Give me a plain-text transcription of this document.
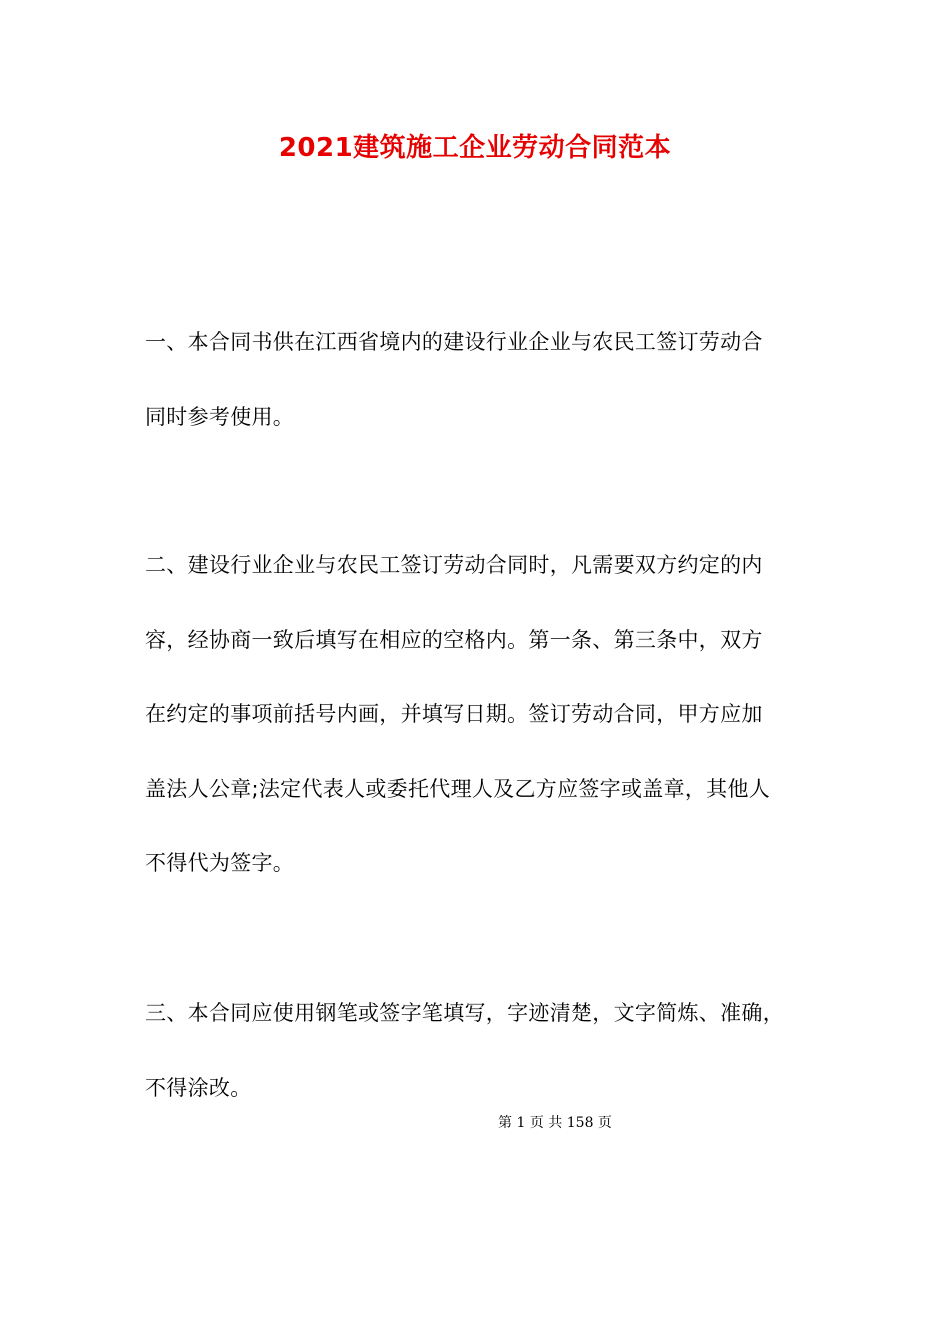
2021建筑施工企业劳动合同范本
一、本合同书供在江西省境内的建设行业企业与农民工签订劳动合
同时参考使用。
二、建设行业企业与农民工签订劳动合同时，凡需要双方约定的内
容，经协商一致后填写在相应的空格内。第一条、第三条中，双方
在约定的事项前括号内画，并填写日期。签订劳动合同，甲方应加
盖法人公章;法定代表人或委托代理人及乙方应签字或盖章，其他人
不得代为签字。
三、本合同应使用钢笔或签字笔填写，字迹清楚，文字简炼、准确，
不得涂改。
第 1 页 共 158 页
